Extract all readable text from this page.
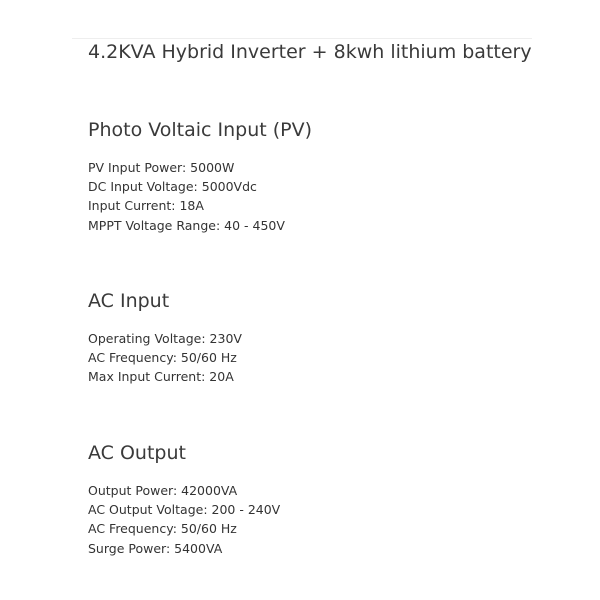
4.2KVA Hybrid Inverter + 8kwh lithium battery
Photo Voltaic Input (PV)
PV Input Power: 5000W
DC Input Voltage: 5000Vdc
Input Current: 18A
MPPT Voltage Range: 40 - 450V
AC Input
Operating Voltage: 230V
AC Frequency: 50/60 Hz
Max Input Current: 20A
AC Output
Output Power: 42000VA
AC Output Voltage: 200 - 240V
AC Frequency: 50/60 Hz
Surge Power: 5400VA
